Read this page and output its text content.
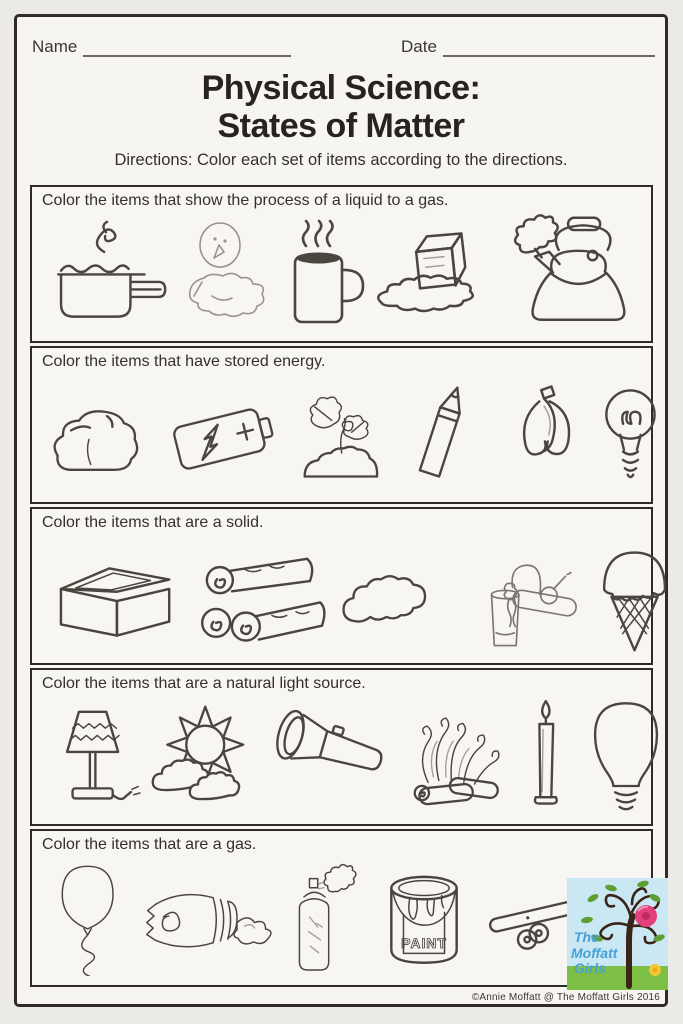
Name	Date
Physical Science:
States of Matter
Directions: Color each set of items according to the directions.

Color the items that show the process of a liquid to a gas.

Color the items that have stored energy.

Color the items that are a solid.

Color the items that are a natural light source.

Color the items that are a gas.

PAINT	The
Moffatt
Girls
©Annie Moffatt @ The Moffatt Girls 2016
